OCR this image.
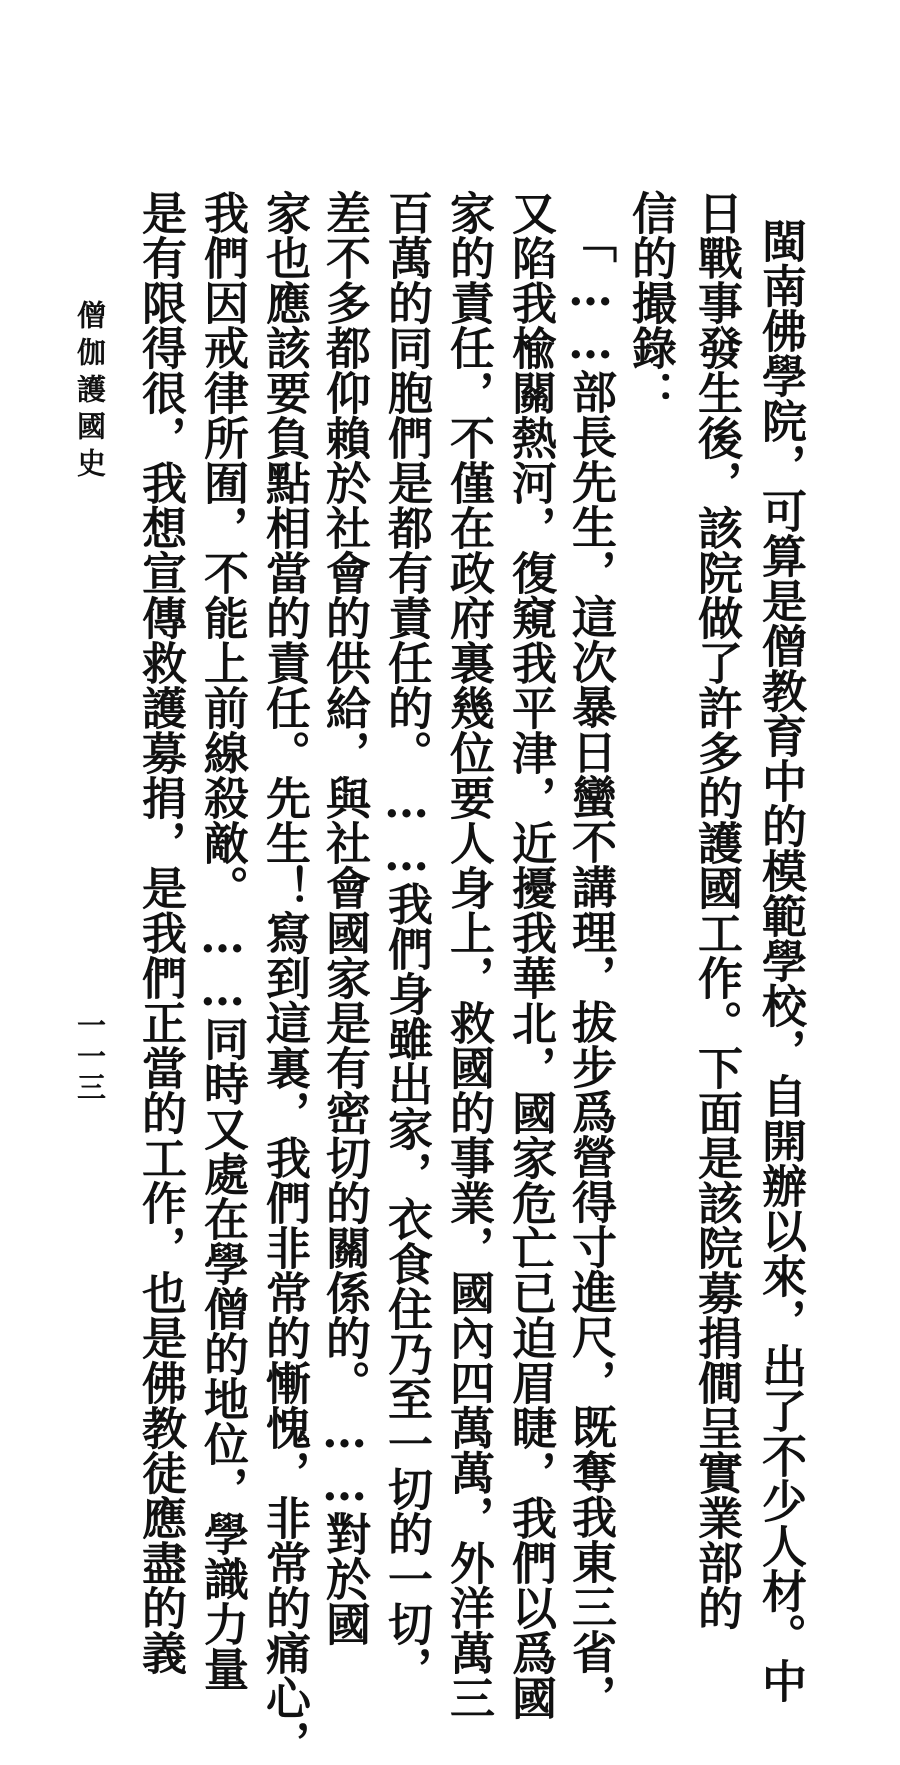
僧伽護國史
一一三	閩南佛學院，可算是僧教育中的模範學校，自開辦以來，出了不少人材。中
日戰事發生後，該院做了許多的護國工作。下面是該院募捐僴呈實業部的
信的撮錄：
「……部長先生，這次暴日蠻不講理，拔步爲營得寸進尺，既奪我東三省，
又陷我楡關熱河，復窺我平津，近擾我華北，國家危亡已迫眉睫，我們以爲國
家的責任，不僅在政府裏幾位要人身上，救國的事業，國內四萬萬，外洋萬三
百萬的同胞們是都有責任的。……我們身雖出家，衣食住乃至一切的一切，
差不多都仰賴於社會的供給，與社會國家是有密切的關係的。……對於國
家也應該要負點相當的責任。先生！寫到這裏，我們非常的慚愧，非常的痛心，
我們因戒律所囿，不能上前線殺敵。……同時又處在學僧的地位，學識力量
是有限得很，我想宣傳救護募捐，是我們正當的工作，也是佛教徒應盡的義
